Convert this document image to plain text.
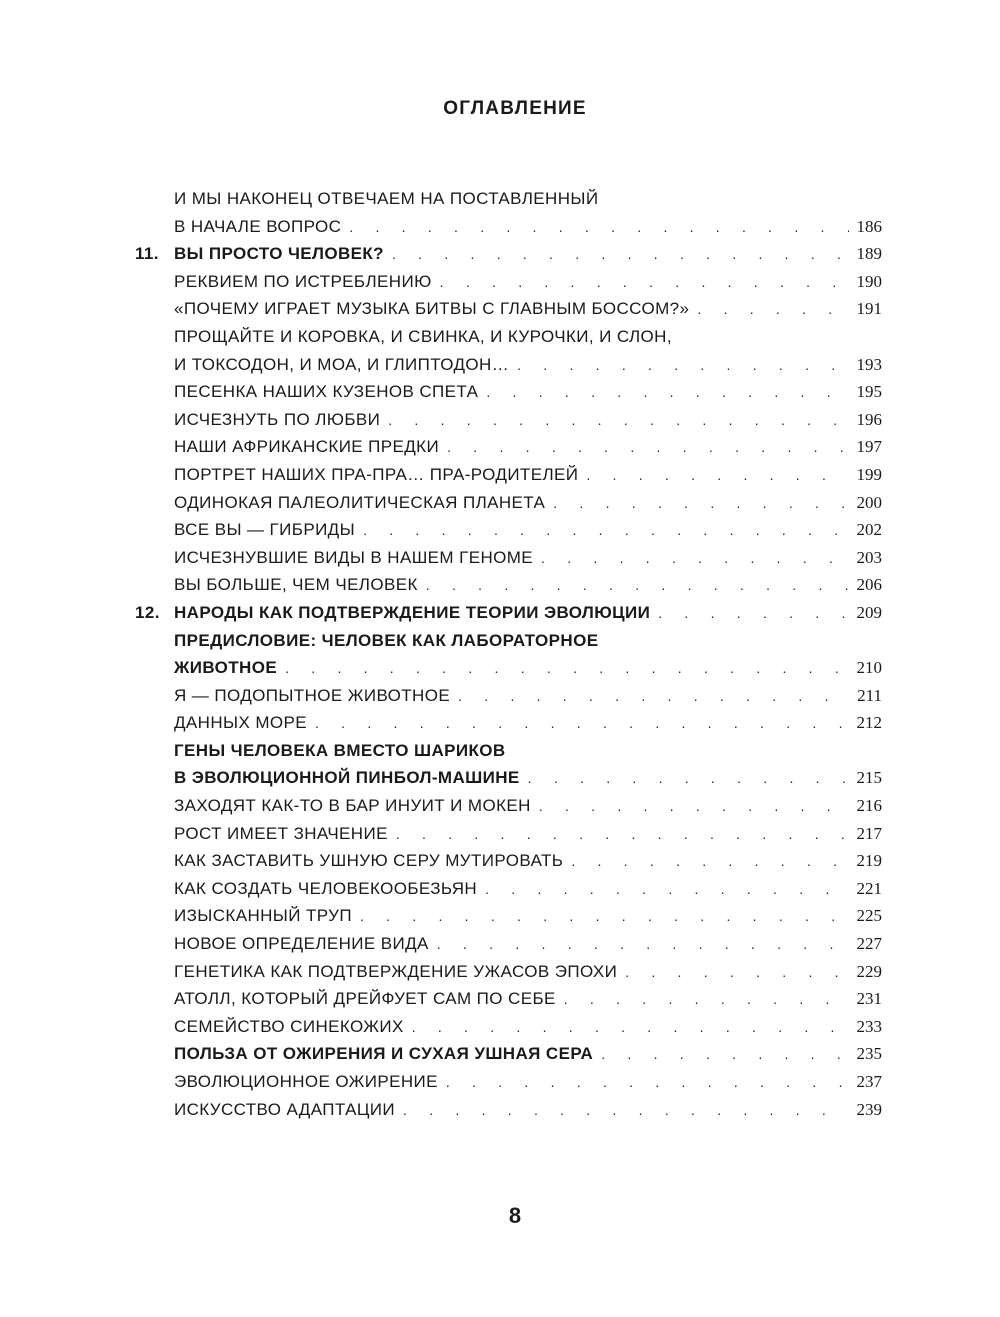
ОГЛАВЛЕНИЕ
И МЫ НАКОНЕЦ ОТВЕЧАЕМ НА ПОСТАВЛЕННЫЙ
В НАЧАЛЕ ВОПРОС . . .	186
11. ВЫ ПРОСТО ЧЕЛОВЕК? . . .	189
РЕКВИЕМ ПО ИСТРЕБЛЕНИЮ . . .	190
«ПОЧЕМУ ИГРАЕТ МУЗЫКА БИТВЫ С ГЛАВНЫМ БОССОМ?» . . .	191
ПРОЩАЙТЕ И КОРОВКА, И СВИНКА, И КУРОЧКИ, И СЛОН,
И ТОКСОДОН, И МОА, И ГЛИПТОДОН… . . .	193
ПЕСЕНКА НАШИХ КУЗЕНОВ СПЕТА . . .	195
ИСЧЕЗНУТЬ ПО ЛЮБВИ . . .	196
НАШИ АФРИКАНСКИЕ ПРЕДКИ . . .	197
ПОРТРЕТ НАШИХ ПРА-ПРА… ПРА-РОДИТЕЛЕЙ . . .	199
ОДИНОКАЯ ПАЛЕОЛИТИЧЕСКАЯ ПЛАНЕТА . . .	200
ВСЕ ВЫ — ГИБРИДЫ . . .	202
ИСЧЕЗНУВШИЕ ВИДЫ В НАШЕМ ГЕНОМЕ . . .	203
ВЫ БОЛЬШЕ, ЧЕМ ЧЕЛОВЕК . . .	206
12. НАРОДЫ КАК ПОДТВЕРЖДЕНИЕ ТЕОРИИ ЭВОЛЮЦИИ . . .	209
ПРЕДИСЛОВИЕ: ЧЕЛОВЕК КАК ЛАБОРАТОРНОЕ
ЖИВОТНОЕ . . .	210
Я — ПОДОПЫТНОЕ ЖИВОТНОЕ . . .	211
ДАННЫХ МОРЕ . . .	212
ГЕНЫ ЧЕЛОВЕКА ВМЕСТО ШАРИКОВ
В ЭВОЛЮЦИОННОЙ ПИНБОЛ-МАШИНЕ . . .	215
ЗАХОДЯТ КАК-ТО В БАР ИНУИТ И МОКЕН . . .	216
РОСТ ИМЕЕТ ЗНАЧЕНИЕ . . .	217
КАК ЗАСТАВИТЬ УШНУЮ СЕРУ МУТИРОВАТЬ . . .	219
КАК СОЗДАТЬ ЧЕЛОВЕКООБЕЗЬЯН . . .	221
ИЗЫСКАННЫЙ ТРУП . . .	225
НОВОЕ ОПРЕДЕЛЕНИЕ ВИДА . . .	227
ГЕНЕТИКА КАК ПОДТВЕРЖДЕНИЕ УЖАСОВ ЭПОХИ . . .	229
АТОЛЛ, КОТОРЫЙ ДРЕЙФУЕТ САМ ПО СЕБЕ . . .	231
СЕМЕЙСТВО СИНЕКОЖИХ . . .	233
ПОЛЬЗА ОТ ОЖИРЕНИЯ И СУХАЯ УШНАЯ СЕРА . . .	235
ЭВОЛЮЦИОННОЕ ОЖИРЕНИЕ . . .	237
ИСКУССТВО АДАПТАЦИИ . . .	239
8
